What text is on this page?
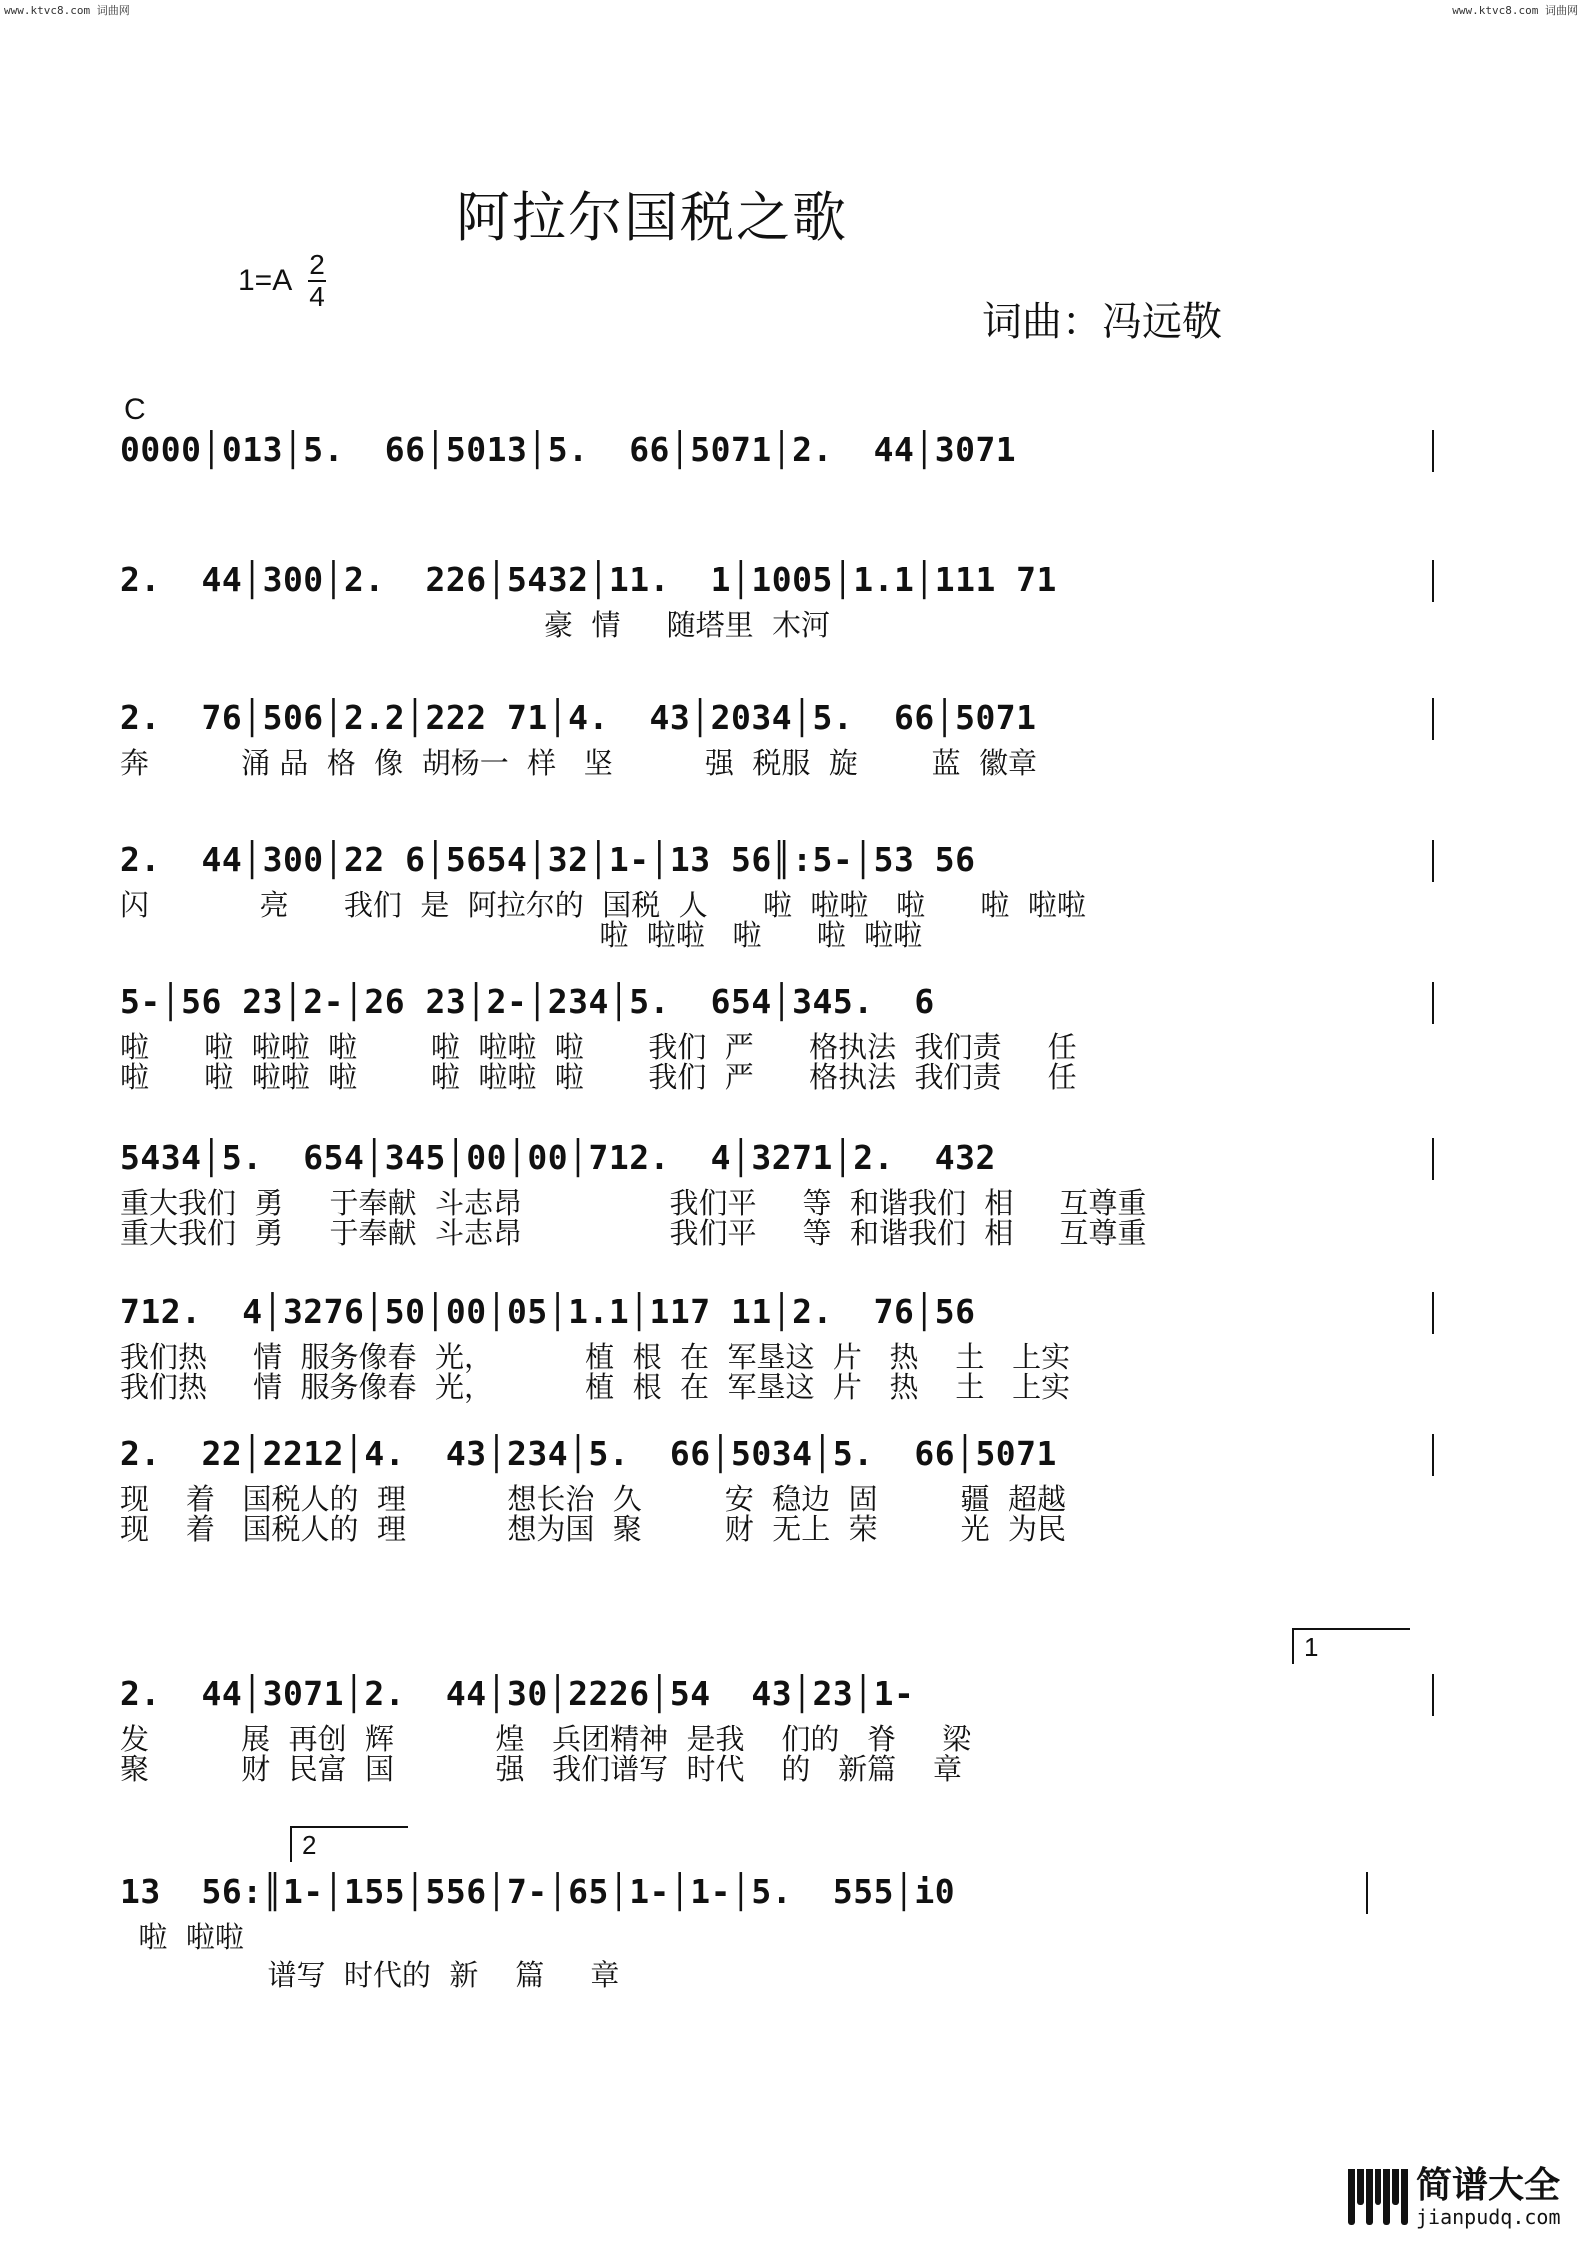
www.ktvc8.com 词曲网	www.ktvc8.com 词曲网
阿拉尔国税之歌
1=A 2
4
词曲：冯远敬
C
0000│013│5.  66│5013│5.  66│5071│2.  44│3071
2.  44│300│2.  226│5432│11.  1│1005│1.1│111 71
豪  情     随塔里  木河
2.  76│506│2.2│222 71│4.  43│2034│5.  66│5071
奔          涌 品  格  像  胡杨一  样   坚          强  税服  旋        蓝  徽章
2.  44│300│22 6│5654│32│1-│13 56║:5-│53 56
闪            亮      我们  是  阿拉尔的  国税  人      啦  啦啦   啦      啦  啦啦
啦  啦啦   啦      啦  啦啦
5-│56 23│2-│26 23│2-│234│5.  654│345.  6
啦      啦  啦啦  啦        啦  啦啦  啦       我们  严      格执法  我们责     任
啦      啦  啦啦  啦        啦  啦啦  啦       我们  严      格执法  我们责     任
5434│5.  654│345│00│00│712.  4│3271│2.  432
重大我们  勇     于奉献  斗志昂                我们平     等  和谐我们  相     互尊重
重大我们  勇     于奉献  斗志昂                我们平     等  和谐我们  相     互尊重
712.  4│3276│50│00│05│1.1│117 11│2.  76│56
我们热     情  服务像春  光，          植  根  在  军垦这  片   热    土   上实
我们热     情  服务像春  光，          植  根  在  军垦这  片   热    土   上实
2.  22│2212│4.  43│234│5.  66│5034│5.  66│5071
现    着   国税人的  理           想长治  久         安  稳边  固         疆  超越
现    着   国税人的  理           想为国  聚         财  无上  荣         光  为民
1
2.  44│3071│2.  44│30│2226│54  43│23│1-
发          展  再创  辉           煌   兵团精神  是我    们的   脊     梁
聚          财  民富  国           强   我们谱写  时代    的   新篇    章
2
13  56:║1-│155│556│7-│65│1-│1-│5.  555│i0
啦  啦啦
谱写  时代的  新    篇     章
简谱大全
jianpudq.com
